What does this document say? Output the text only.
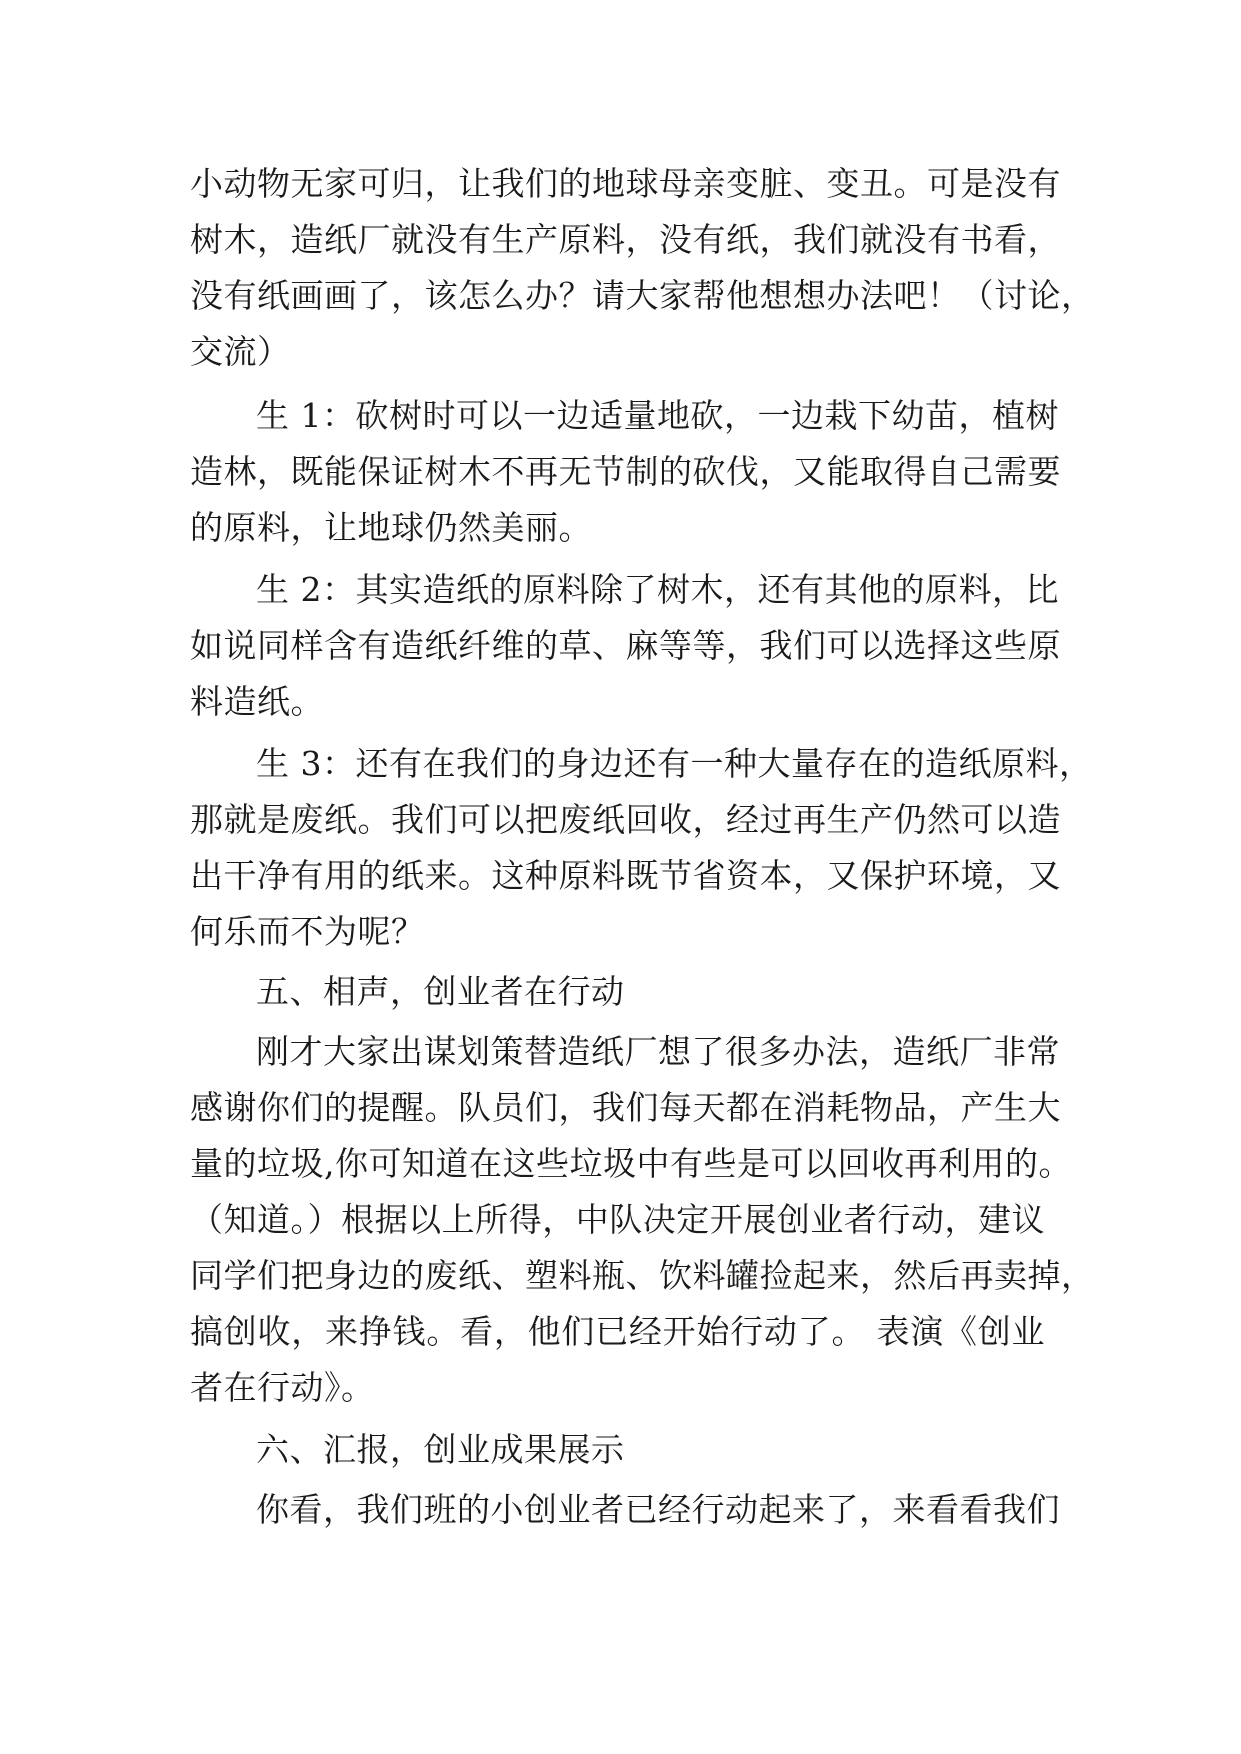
小动物无家可归，让我们的地球母亲变脏、变丑。可是没有
树木，造纸厂就没有生产原料，没有纸，我们就没有书看，
没有纸画画了，该怎么办？请大家帮他想想办法吧！（讨论，
交流）
生 1：砍树时可以一边适量地砍，一边栽下幼苗，植树
造林，既能保证树木不再无节制的砍伐，又能取得自己需要
的原料，让地球仍然美丽。
生 2：其实造纸的原料除了树木，还有其他的原料，比
如说同样含有造纸纤维的草、麻等等，我们可以选择这些原
料造纸。
生 3：还有在我们的身边还有一种大量存在的造纸原料，
那就是废纸。我们可以把废纸回收，经过再生产仍然可以造
出干净有用的纸来。这种原料既节省资本，又保护环境，又
何乐而不为呢？
五、相声，创业者在行动
刚才大家出谋划策替造纸厂想了很多办法，造纸厂非常
感谢你们的提醒。队员们，我们每天都在消耗物品，产生大
量的垃圾,你可知道在这些垃圾中有些是可以回收再利用的。
（知道。）根据以上所得，中队决定开展创业者行动，建议
同学们把身边的废纸、塑料瓶、饮料罐捡起来，然后再卖掉，
搞创收，来挣钱。看，他们已经开始行动了。 表演《创业
者在行动》。
六、汇报，创业成果展示
你看，我们班的小创业者已经行动起来了，来看看我们
